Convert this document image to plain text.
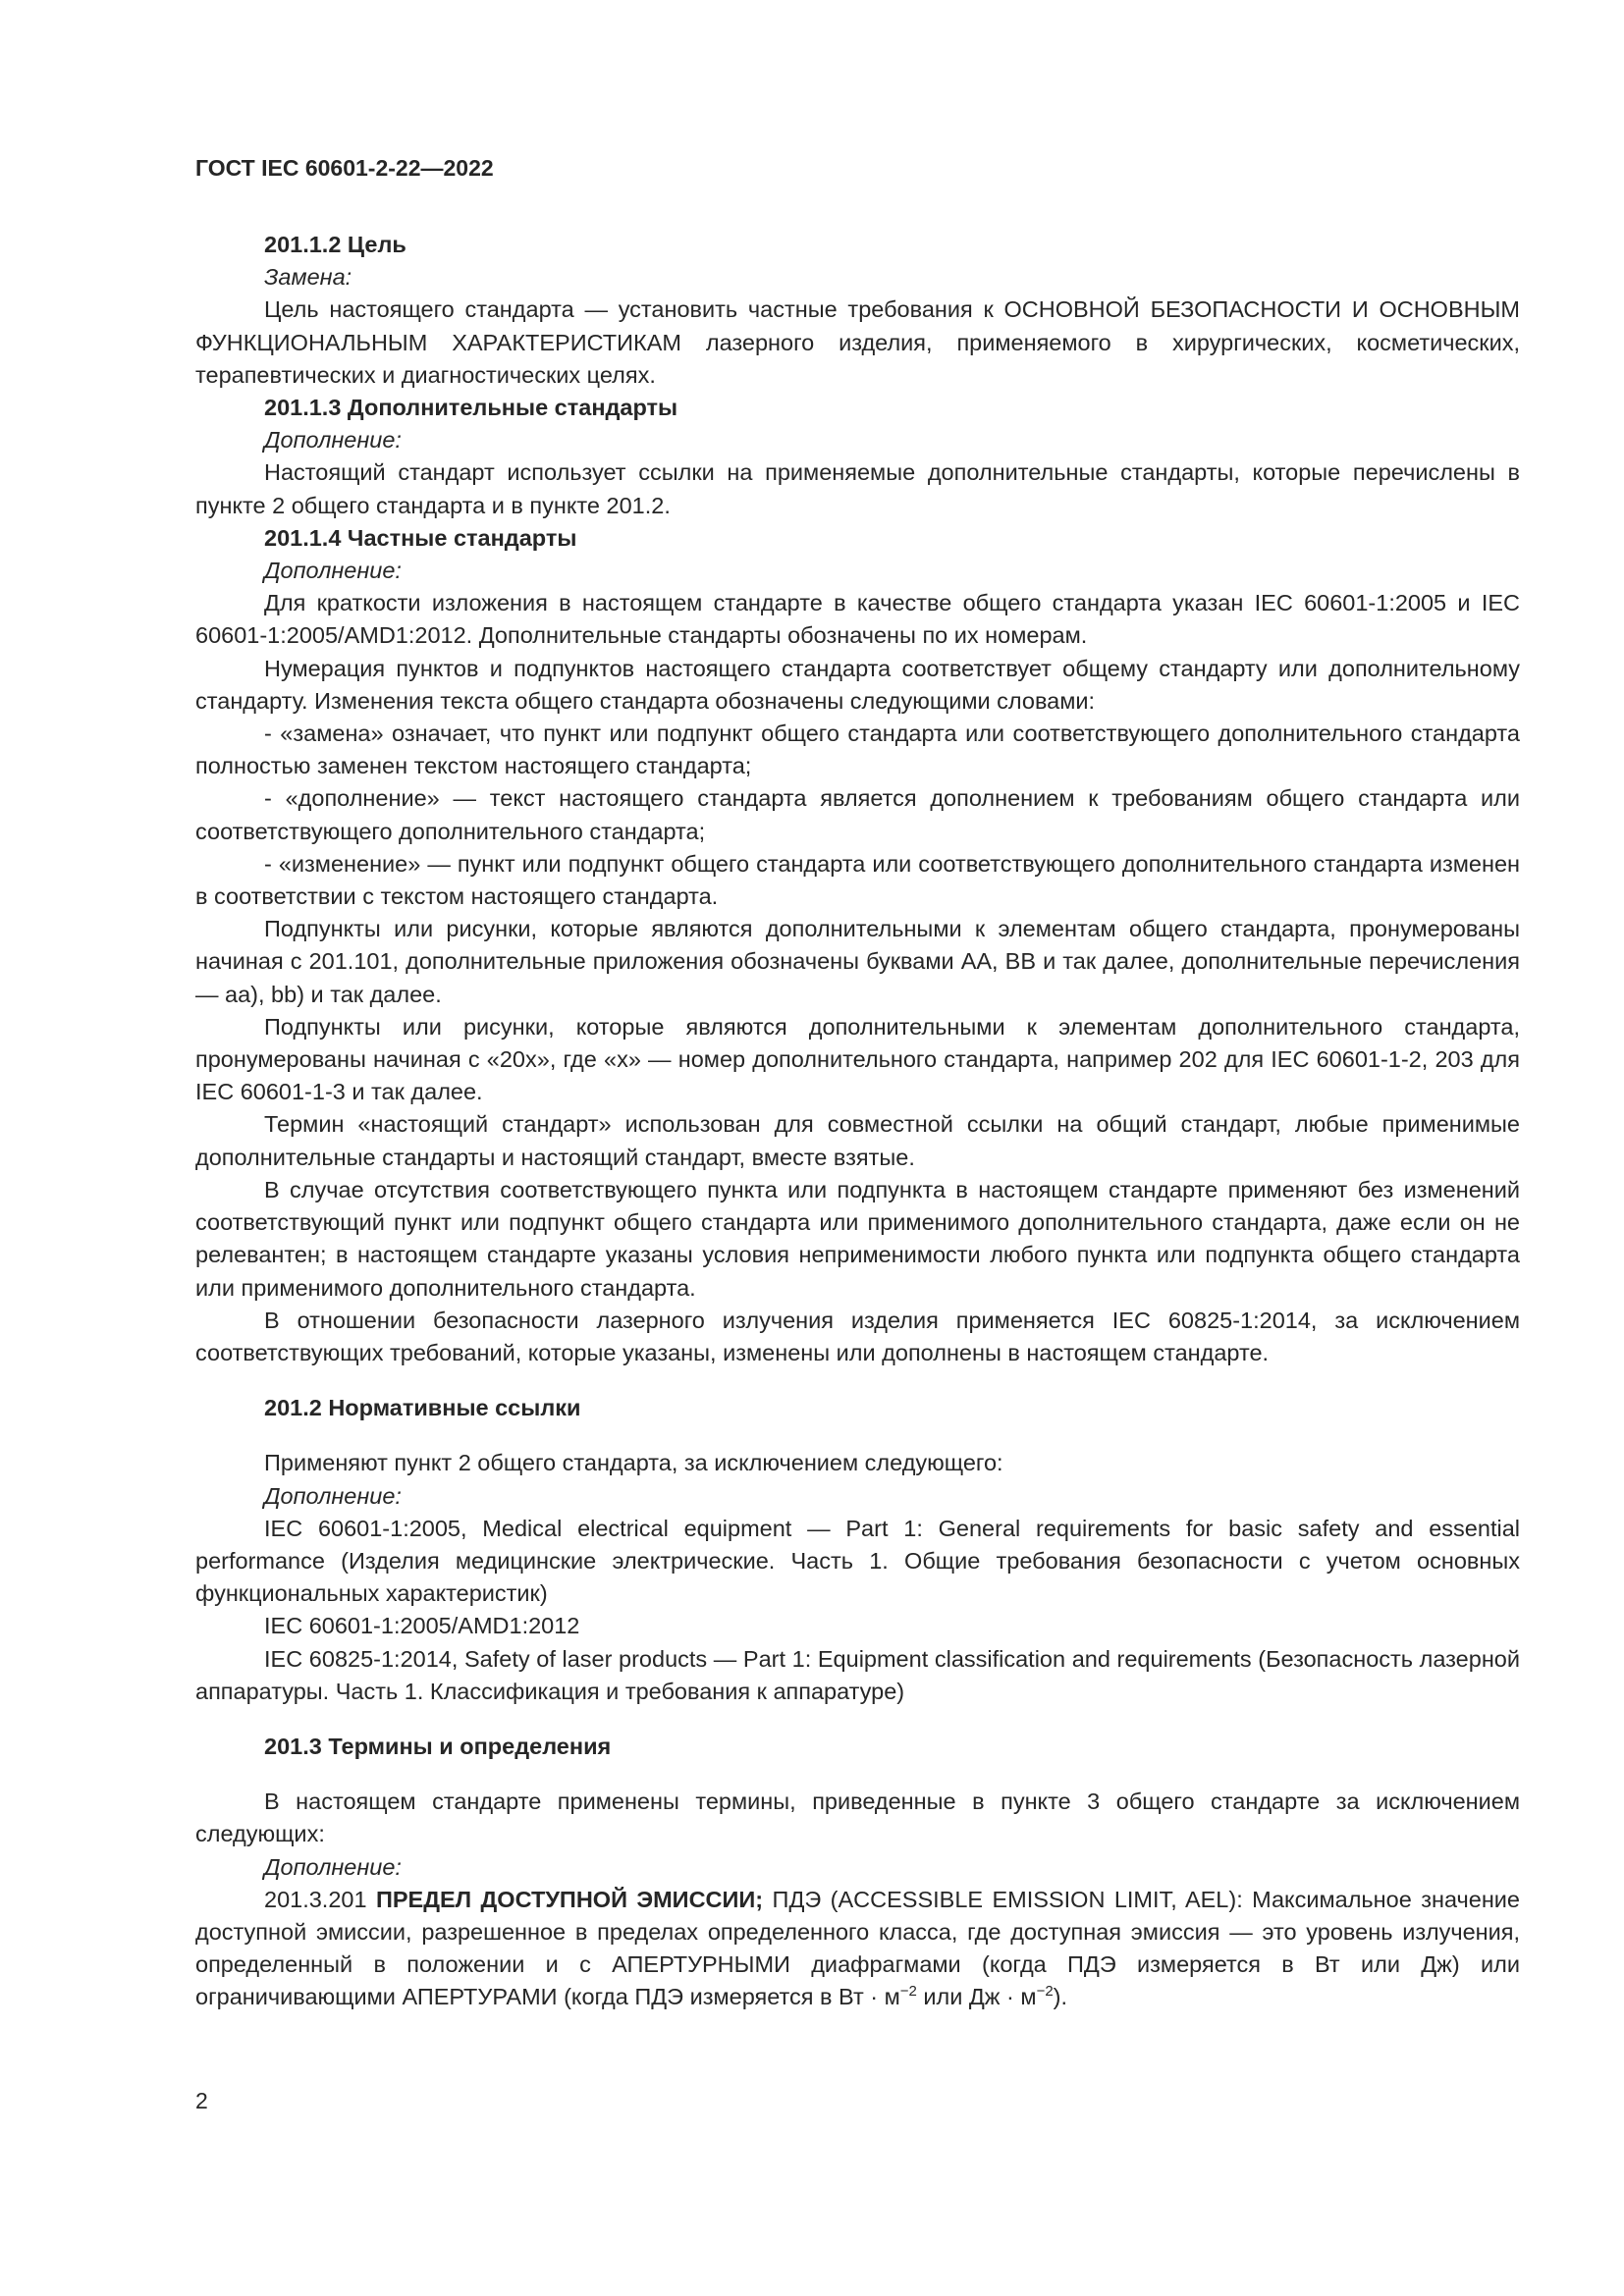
ГОСТ IEC 60601-2-22—2022

201.1.2 Цель

Замена:

Цель настоящего стандарта — установить частные требования к ОСНОВНОЙ БЕЗОПАСНОСТИ И ОСНОВНЫМ ФУНКЦИОНАЛЬНЫМ ХАРАКТЕРИСТИКАМ лазерного изделия, применяемого в хирургических, косметических, терапевтических и диагностических целях.

201.1.3 Дополнительные стандарты

Дополнение:

Настоящий стандарт использует ссылки на применяемые дополнительные стандарты, которые перечислены в пункте 2 общего стандарта и в пункте 201.2.

201.1.4 Частные стандарты

Дополнение:

Для краткости изложения в настоящем стандарте в качестве общего стандарта указан IEC 60601-1:2005 и IEC 60601-1:2005/AMD1:2012. Дополнительные стандарты обозначены по их номерам.

Нумерация пунктов и подпунктов настоящего стандарта соответствует общему стандарту или дополнительному стандарту. Изменения текста общего стандарта обозначены следующими словами:

- «замена» означает, что пункт или подпункт общего стандарта или соответствующего дополнительного стандарта полностью заменен текстом настоящего стандарта;

- «дополнение» — текст настоящего стандарта является дополнением к требованиям общего стандарта или соответствующего дополнительного стандарта;

- «изменение» — пункт или подпункт общего стандарта или соответствующего дополнительного стандарта изменен в соответствии с текстом настоящего стандарта.

Подпункты или рисунки, которые являются дополнительными к элементам общего стандарта, пронумерованы начиная с 201.101, дополнительные приложения обозначены буквами AA, BB и так далее, дополнительные перечисления — aa), bb) и так далее.

Подпункты или рисунки, которые являются дополнительными к элементам дополнительного стандарта, пронумерованы начиная с «20x», где «x» — номер дополнительного стандарта, например 202 для IEC 60601-1-2, 203 для IEC 60601-1-3 и так далее.

Термин «настоящий стандарт» использован для совместной ссылки на общий стандарт, любые применимые дополнительные стандарты и настоящий стандарт, вместе взятые.

В случае отсутствия соответствующего пункта или подпункта в настоящем стандарте применяют без изменений соответствующий пункт или подпункт общего стандарта или применимого дополнительного стандарта, даже если он не релевантен; в настоящем стандарте указаны условия неприменимости любого пункта или подпункта общего стандарта или применимого дополнительного стандарта.

В отношении безопасности лазерного излучения изделия применяется IEC 60825-1:2014, за исключением соответствующих требований, которые указаны, изменены или дополнены в настоящем стандарте.

201.2 Нормативные ссылки

Применяют пункт 2 общего стандарта, за исключением следующего:

Дополнение:

IEC 60601-1:2005, Medical electrical equipment — Part 1: General requirements for basic safety and essential performance (Изделия медицинские электрические. Часть 1. Общие требования безопасности с учетом основных функциональных характеристик)

IEC 60601-1:2005/AMD1:2012

IEC 60825-1:2014, Safety of laser products — Part 1: Equipment classification and requirements (Безопасность лазерной аппаратуры. Часть 1. Классификация и требования к аппаратуре)

201.3 Термины и определения

В настоящем стандарте применены термины, приведенные в пункте 3 общего стандарте за исключением следующих:

Дополнение:

201.3.201 ПРЕДЕЛ ДОСТУПНОЙ ЭМИССИИ; ПДЭ (ACCESSIBLE EMISSION LIMIT, AEL): Максимальное значение доступной эмиссии, разрешенное в пределах определенного класса, где доступная эмиссия — это уровень излучения, определенный в положении и с АПЕРТУРНЫМИ диафрагмами (когда ПДЭ измеряется в Вт или Дж) или ограничивающими АПЕРТУРАМИ (когда ПДЭ измеряется в Вт · $м^{-2}$ или Дж · $м^{-2}$).

2
